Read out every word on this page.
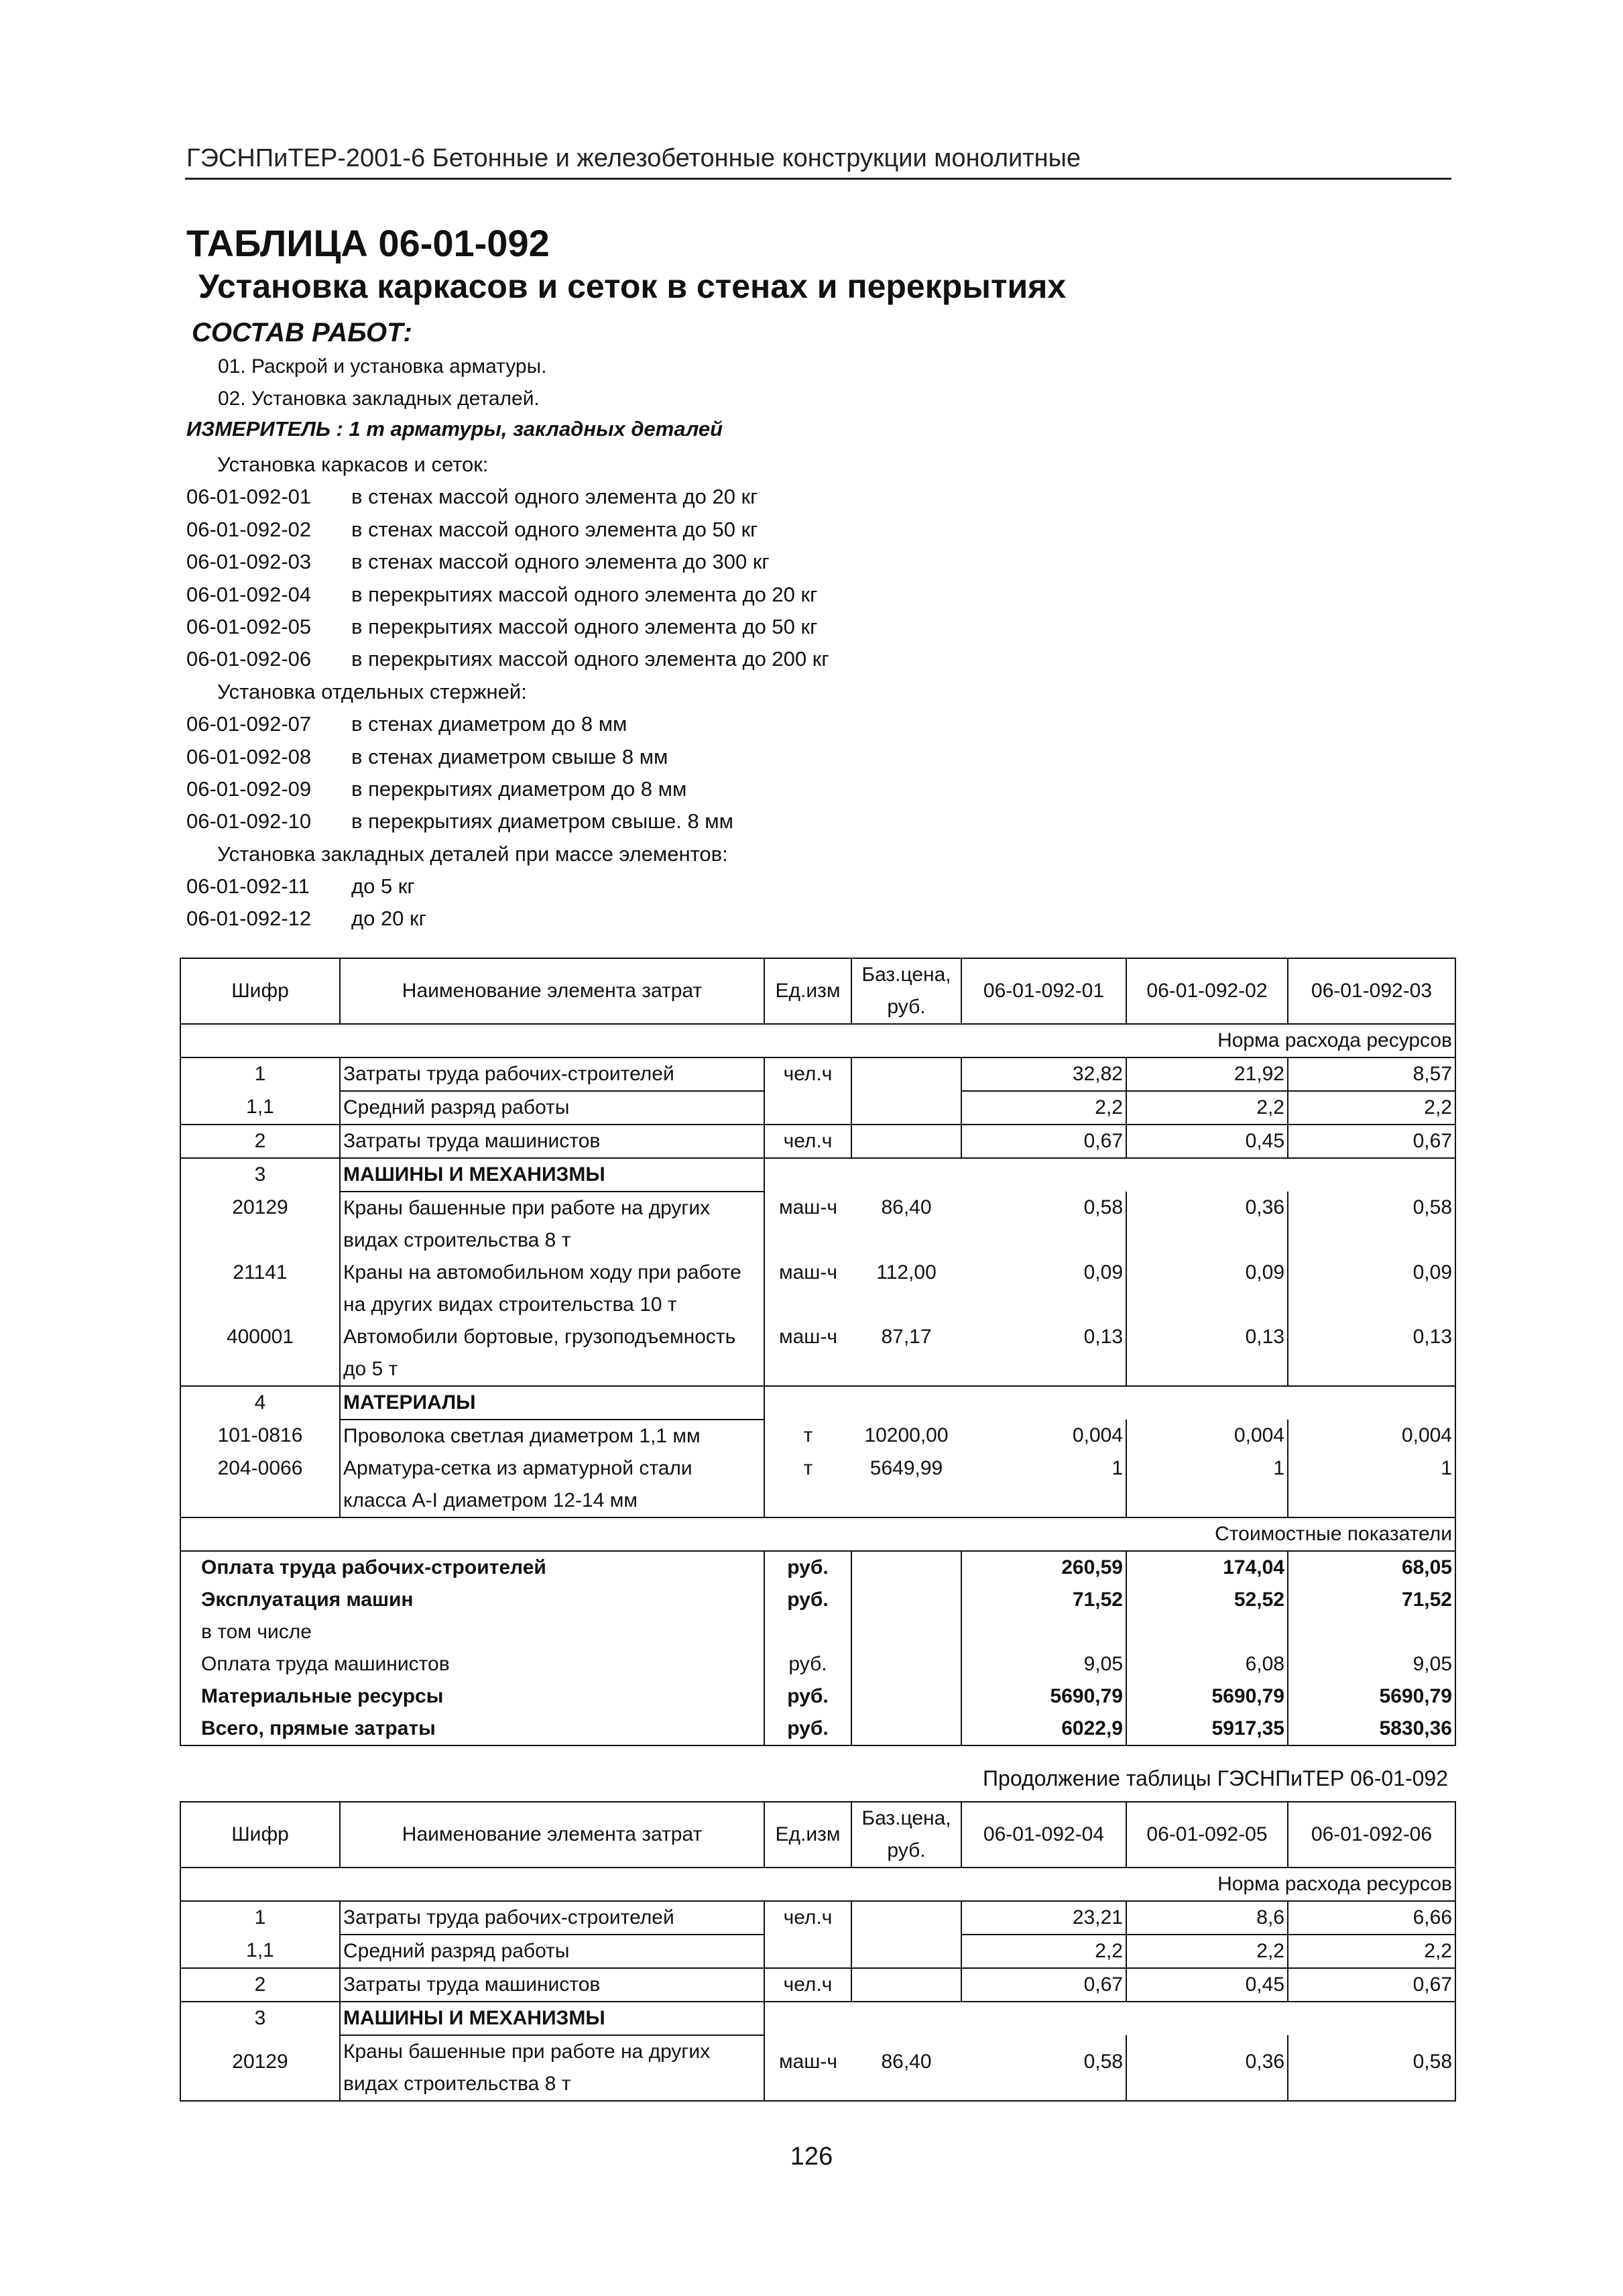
ГЭСНПиТЕР-2001-6 Бетонные и железобетонные конструкции монолитные
ТАБЛИЦА 06-01-092
Установка каркасов и сеток в стенах и перекрытиях
СОСТАВ РАБОТ:
01. Раскрой и установка арматуры.
02. Установка закладных деталей.
ИЗМЕРИТЕЛЬ : 1 т арматуры, закладных деталей
Установка каркасов и сеток:
06-01-092-01 в стенах массой одного элемента до 20 кг
06-01-092-02 в стенах массой одного элемента до 50 кг
06-01-092-03 в стенах массой одного элемента до 300 кг
06-01-092-04 в перекрытиях массой одного элемента до 20 кг
06-01-092-05 в перекрытиях массой одного элемента до 50 кг
06-01-092-06 в перекрытиях массой одного элемента до 200 кг
Установка отдельных стержней:
06-01-092-07 в стенах диаметром до 8 мм
06-01-092-08 в стенах диаметром свыше 8 мм
06-01-092-09 в перекрытиях диаметром до 8 мм
06-01-092-10 в перекрытиях диаметром свыше. 8 мм
Установка закладных деталей при массе элементов:
06-01-092-11 до 5 кг
06-01-092-12 до 20 кг
Шифр	Наименование элемента затрат	Ед.изм	Баз.цена, руб.	06-01-092-01	06-01-092-02	06-01-092-03
Норма расхода ресурсов						
1	Затраты труда рабочих-строителей	чел.ч		32,82	21,92	8,57
1,1	Средний разряд работы			2,2	2,2	2,2
2	Затраты труда машинистов	чел.ч		0,67	0,45	0,67
3	МАШИНЫ И МЕХАНИЗМЫ					
20129	Краны башенные при работе на других видах строительства 8 т	маш-ч	86,40	0,58	0,36	0,58
21141	Краны на автомобильном ходу при работе на других видах строительства 10 т	маш-ч	112,00	0,09	0,09	0,09
400001	Автомобили бортовые, грузоподъемность до 5 т	маш-ч	87,17	0,13	0,13	0,13
4	МАТЕРИАЛЫ					
101-0816	Проволока светлая диаметром 1,1 мм	т	10200,00	0,004	0,004	0,004
204-0066	Арматура-сетка из арматурной стали класса А-I диаметром 12-14 мм	т	5649,99	1	1	1
Стоимостные показатели						
Оплата труда рабочих-строителей		руб.		260,59	174,04	68,05
Эксплуатация машин		руб.		71,52	52,52	71,52
в том числе						
Оплата труда машинистов		руб.		9,05	6,08	9,05
Материальные ресурсы		руб.		5690,79	5690,79	5690,79
Всего, прямые затраты		руб.		6022,9	5917,35	5830,36
Продолжение таблицы ГЭСНПиТЕР 06-01-092
Шифр	Наименование элемента затрат	Ед.изм	Баз.цена, руб.	06-01-092-04	06-01-092-05	06-01-092-06
Норма расхода ресурсов						
1	Затраты труда рабочих-строителей	чел.ч		23,21	8,6	6,66
1,1	Средний разряд работы			2,2	2,2	2,2
2	Затраты труда машинистов	чел.ч		0,67	0,45	0,67
3	МАШИНЫ И МЕХАНИЗМЫ					
20129	Краны башенные при работе на других видах строительства 8 т	маш-ч	86,40	0,58	0,36	0,58
126
